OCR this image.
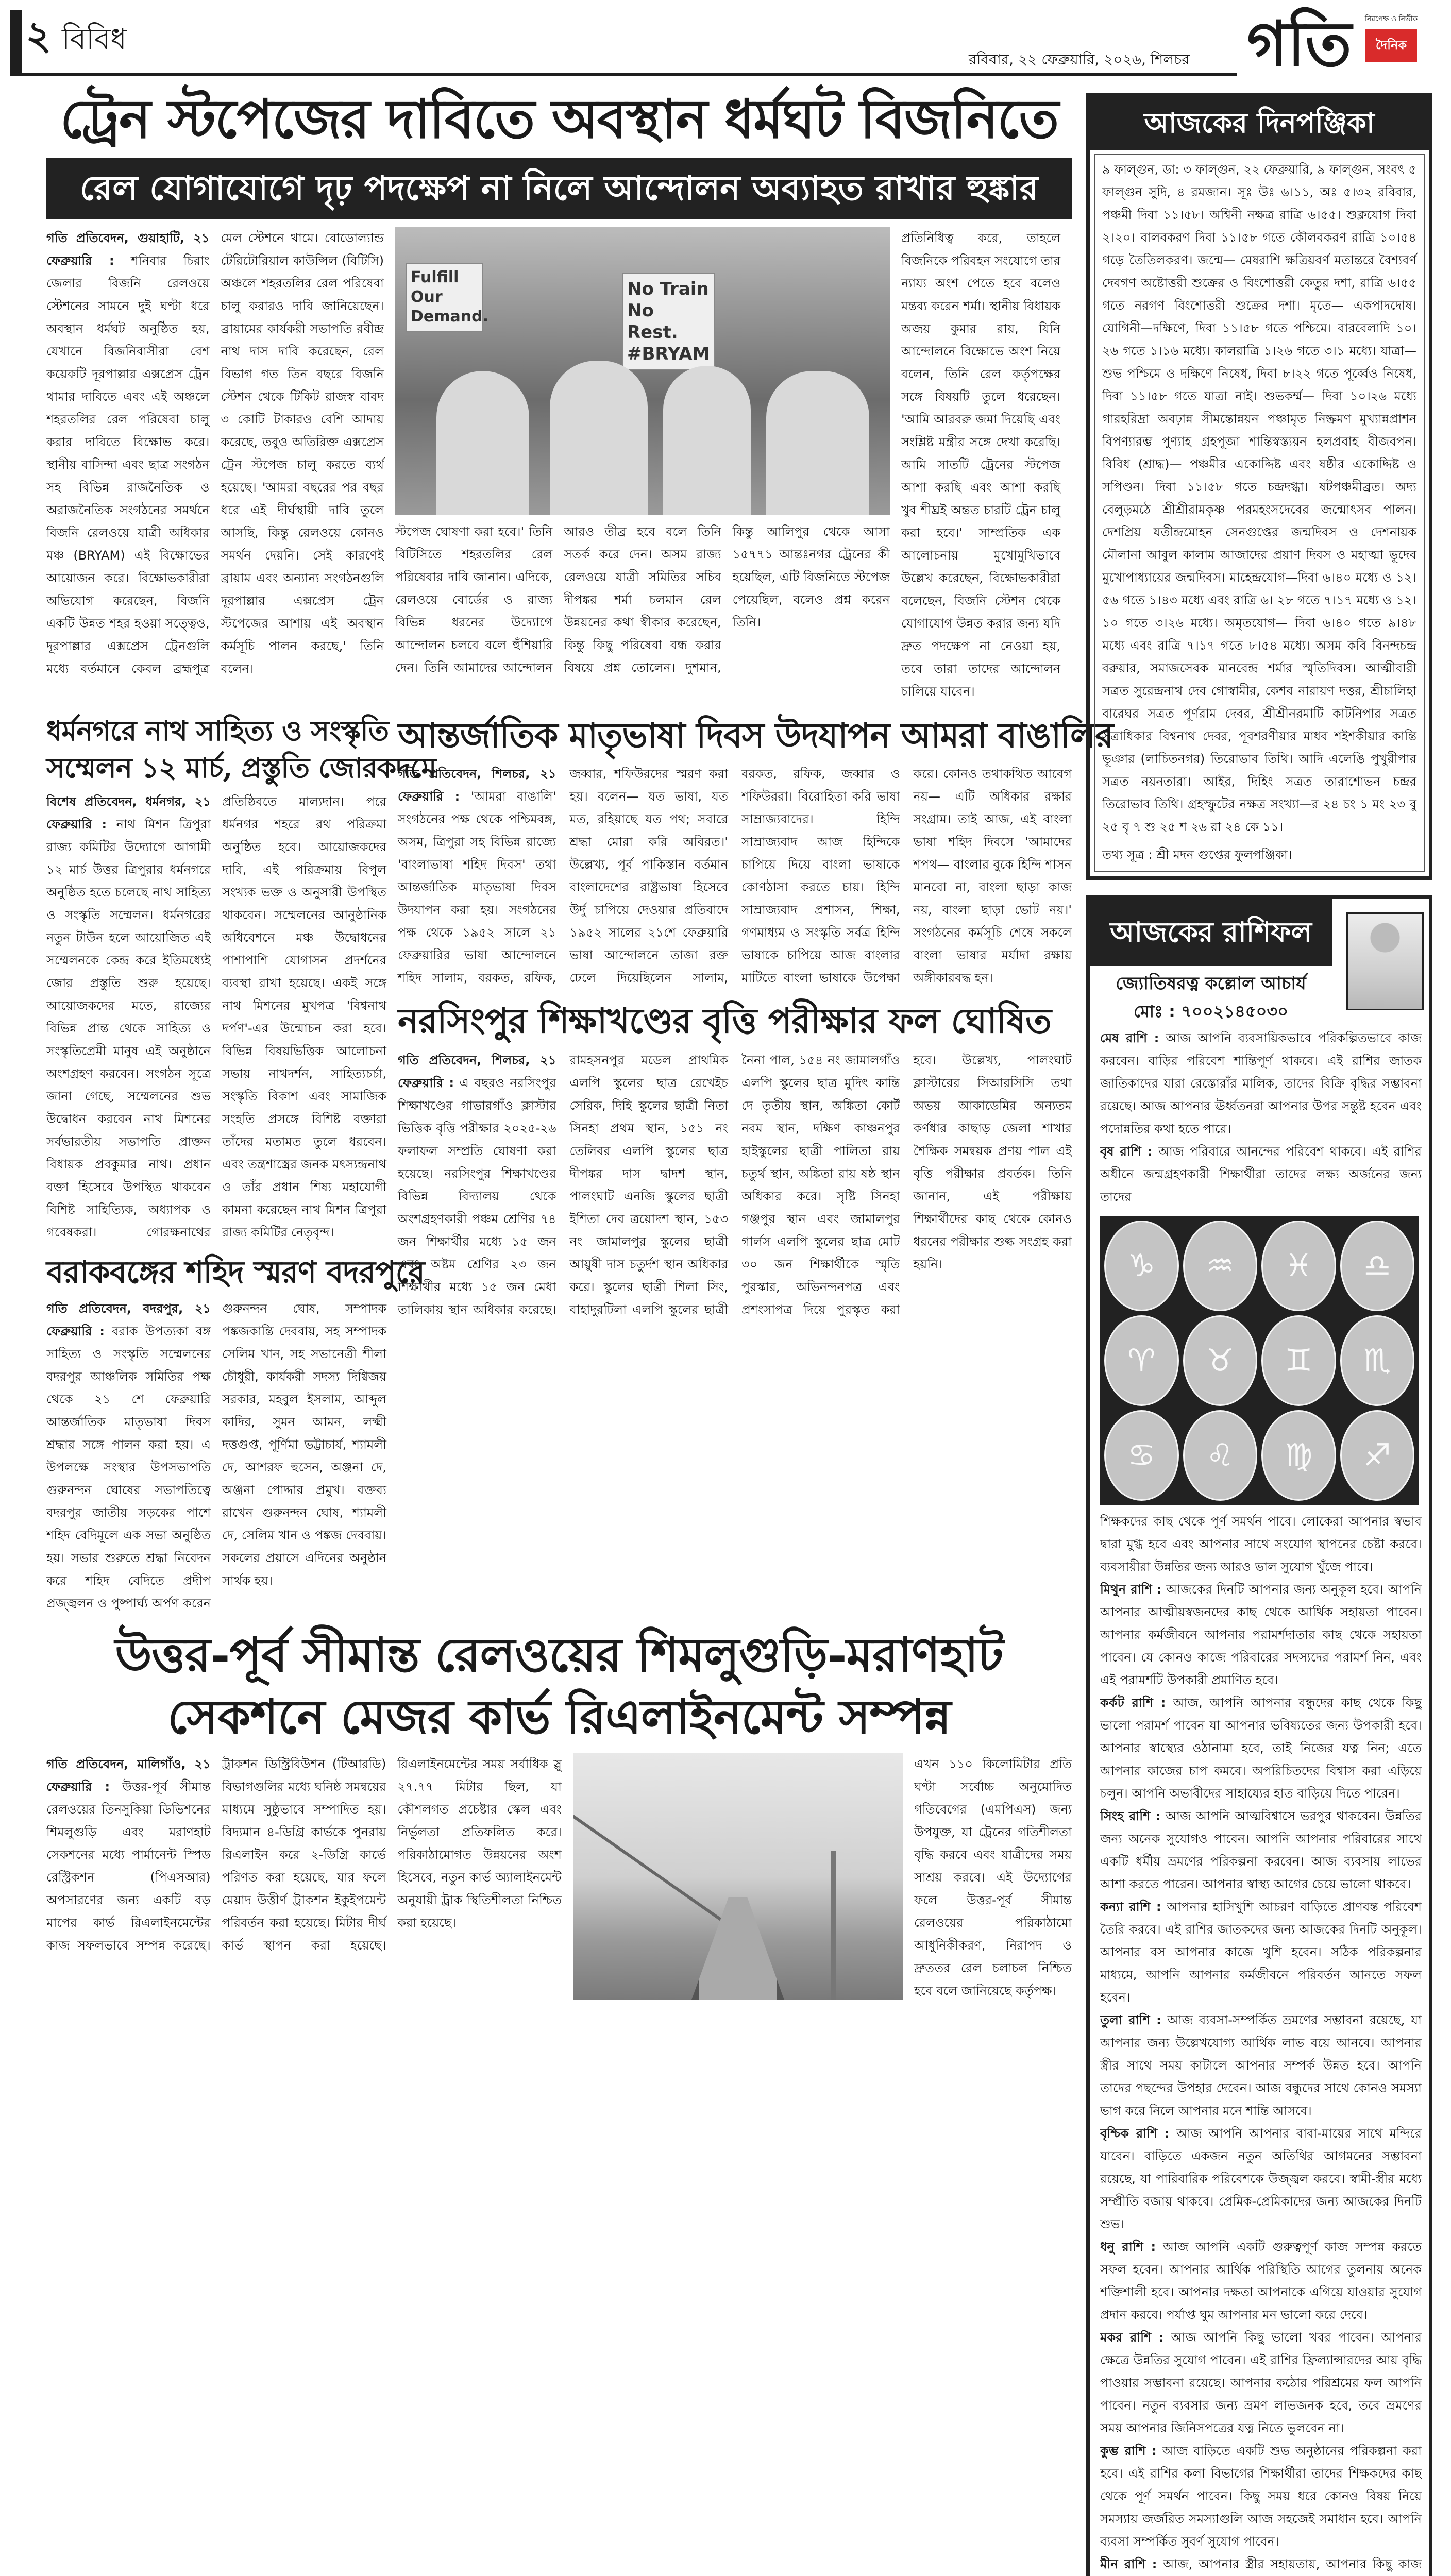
২ বিবিধ
রবিবার, ২২ ফেব্রুয়ারি, ২০২৬, শিলচর গতি	নিরপেক্ষ ও নির্ভীক
দৈনিক
ট্রেন স্টপেজের দাবিতে অবস্থান ধর্মঘট বিজনিতে
রেল যোগাযোগে দৃঢ় পদক্ষেপ না নিলে আন্দোলন অব্যাহত রাখার হুঙ্কার
গতি প্রতিবেদন, গুয়াহাটি, ২১ ফেব্রুয়ারি : শনিবার চিরাং জেলার বিজনি রেলওয়ে স্টেশনের সামনে দুই ঘণ্টা ধরে অবস্থান ধর্মঘট অনুষ্ঠিত হয়, যেখানে বিজনিবাসীরা বেশ কয়েকটি দূরপাল্লার এক্সপ্রেস ট্রেন থামার দাবিতে এবং এই অঞ্চলে শহরতলির রেল পরিষেবা চালু করার দাবিতে বিক্ষোভ করে। স্থানীয় বাসিন্দা এবং ছাত্র সংগঠন সহ বিভিন্ন রাজনৈতিক ও অরাজনৈতিক সংগঠনের সমর্থনে বিজনি রেলওয়ে যাত্রী অধিকার মঞ্চ (BRYAM) এই বিক্ষোভের আয়োজন করে। বিক্ষোভকারীরা অভিযোগ করেছেন, বিজনি একটি উন্নত শহর হওয়া সত্ত্বেও, দূরপাল্লার এক্সপ্রেস ট্রেনগুলি মধ্যে বর্তমানে কেবল ব্রহ্মপুত্র মেল স্টেশনে থামে। বোডোল্যান্ড টেরিটোরিয়াল কাউন্সিল (বিটিসি) অঞ্চলে শহরতলির রেল পরিষেবা চালু করারও দাবি জানিয়েছেন। ব্রায়ামের কার্যকরী সভাপতি রবীন্দ্র নাথ দাস দাবি করেছেন, রেল বিভাগ গত তিন বছরে বিজনি স্টেশন থেকে টিকিট রাজস্ব বাবদ ৩ কোটি টাকারও বেশি আদায় করেছে, তবুও অতিরিক্ত এক্সপ্রেস ট্রেন স্টপেজ চালু করতে ব্যর্থ হয়েছে। 'আমরা বছরের পর বছর ধরে এই দীর্ঘস্থায়ী দাবি তুলে আসছি, কিন্তু রেলওয়ে কোনও সমর্থন দেয়নি। সেই কারণেই ব্রায়াম এবং অন্যান্য সংগঠনগুলি দূরপাল্লার এক্সপ্রেস ট্রেন স্টপেজের আশায় এই অবস্থান কর্মসূচি পালন করছে,' তিনি বলেন।
Fulfill Our Demand.
No Train No Rest. #BRYAM
স্টপেজ ঘোষণা করা হবে।' তিনি বিটিসিতে শহরতলির রেল পরিষেবার দাবি জানান। এদিকে, রেলওয়ে বোর্ডের ও রাজ্য বিভিন্ন ধরনের উদ্যোগে আন্দোলন চলবে বলে হুঁশিয়ারি দেন। তিনি আমাদের আন্দোলন আরও তীব্র হবে বলে তিনি সতর্ক করে দেন। অসম রাজ্য রেলওয়ে যাত্রী সমিতির সচিব দীপঙ্কর শর্মা চলমান রেল উন্নয়নের কথা স্বীকার করেছেন, কিন্তু কিছু পরিষেবা বন্ধ করার বিষয়ে প্রশ্ন তোলেন। দুশমান, কিন্তু আলিপুর থেকে আসা ১৫৭৭১ আন্তঃনগর ট্রেনের কী হয়েছিল, এটি বিজনিতে স্টপেজ পেয়েছিল, বলেও প্রশ্ন করেন তিনি।
প্রতিনিধিত্ব করে, তাহলে বিজনিকে পরিবহন সংযোগে তার ন্যায্য অংশ পেতে হবে বলেও মন্তব্য করেন শর্মা। স্থানীয় বিধায়ক অজয় কুমার রায়, যিনি আন্দোলনে বিক্ষোভে অংশ নিয়ে বলেন, তিনি রেল কর্তৃপক্ষের সঙ্গে বিষয়টি তুলে ধরেছেন। 'আমি আরবরু জমা দিয়েছি এবং সংশ্লিষ্ট মন্ত্রীর সঙ্গে দেখা করেছি। আমি সাতটি ট্রেনের স্টপেজ আশা করছি এবং আশা করছি খুব শীঘ্রই অন্তত চারটি ট্রেন চালু করা হবে।' সাম্প্রতিক এক আলোচনায় মুখোমুখিভাবে উল্লেখ করেছেন, বিক্ষোভকারীরা বলেছেন, বিজনি স্টেশন থেকে যোগাযোগ উন্নত করার জন্য যদি দ্রুত পদক্ষেপ না নেওয়া হয়, তবে তারা তাদের আন্দোলন চালিয়ে যাবেন।
ধর্মনগরে নাথ সাহিত্য ও সংস্কৃতি
সম্মেলন ১২ মার্চ, প্রস্তুতি জোরকদমে
বিশেষ প্রতিবেদন, ধর্মনগর, ২১ ফেব্রুয়ারি : নাথ মিশন ত্রিপুরা রাজ্য কমিটির উদ্যোগে আগামী ১২ মার্চ উত্তর ত্রিপুরার ধর্মনগরে অনুষ্ঠিত হতে চলেছে নাথ সাহিত্য ও সংস্কৃতি সম্মেলন। ধর্মনগরের নতুন টাউন হলে আয়োজিত এই সম্মেলনকে কেন্দ্র করে ইতিমধ্যেই জোর প্রস্তুতি শুরু হয়েছে। আয়োজকদের মতে, রাজ্যের বিভিন্ন প্রান্ত থেকে সাহিত্য ও সংস্কৃতিপ্রেমী মানুষ এই অনুষ্ঠানে অংশগ্রহণ করবেন। সংগঠন সূত্রে জানা গেছে, সম্মেলনের শুভ উদ্বোধন করবেন নাথ মিশনের সর্বভারতীয় সভাপতি প্রাক্তন বিধায়ক প্রবকুমার নাথ। প্রধান বক্তা হিসেবে উপস্থিত থাকবেন বিশিষ্ট সাহিত্যিক, অধ্যাপক ও গবেষকরা।	গোরক্ষনাথের প্রতিষ্ঠিবতে মাল্যদান। পরে ধর্মনগর শহরে রথ পরিক্রমা অনুষ্ঠিত হবে। আয়োজকদের দাবি, এই পরিক্রমায় বিপুল সংখ্যক ভক্ত ও অনুসারী উপস্থিত থাকবেন। সম্মেলনের আনুষ্ঠানিক অধিবেশনে মঞ্চ উদ্বোধনের পাশাপাশি যোগাসন প্রদর্শনের ব্যবস্থা রাখা হয়েছে। একই সঙ্গে নাথ মিশনের মুখপত্র 'বিশ্বনাথ দর্পণ'-এর উন্মোচন করা হবে। বিভিন্ন বিষয়ভিত্তিক আলোচনা সভায় নাথদর্শন, সাহিত্যচর্চা, সংস্কৃতি বিকাশ এবং সামাজিক সংহতি প্রসঙ্গে বিশিষ্ট বক্তারা তাঁদের মতামত তুলে ধরবেন। এবং তন্ত্রশাস্ত্রের জনক মৎস্যন্দ্রনাথ ও তাঁর প্রধান শিষ্য মহাযোগী কামনা করেছেন নাথ মিশন ত্রিপুরা রাজ্য কমিটির নেতৃবৃন্দ।
বরাকবঙ্গের শহিদ স্মরণ বদরপুরে
গতি প্রতিবেদন, বদরপুর, ২১ ফেব্রুয়ারি : বরাক উপত্যকা বঙ্গ সাহিত্য ও সংস্কৃতি সম্মেলনের বদরপুর আঞ্চলিক সমিতির পক্ষ থেকে ২১ শে ফেব্রুয়ারি আন্তর্জাতিক মাতৃভাষা দিবস শ্রদ্ধার সঙ্গে পালন করা হয়। এ উপলক্ষে সংস্থার উপসভাপতি গুরুনন্দন ঘোষের সভাপতিত্বে বদরপুর জাতীয় সড়কের পাশে শহিদ বেদিমূলে এক সভা অনুষ্ঠিত হয়। সভার শুরুতে শ্রদ্ধা নিবেদন করে শহিদ বেদিতে প্রদীপ প্রজ্জ্বলন ও পুষ্পার্ঘ্য অর্পণ করেন গুরুনন্দন ঘোষ, সম্পাদক পঙ্কজকান্তি দেববায়, সহ সম্পাদক সেলিম খান, সহ সভানেত্রী শীলা চৌধুরী, কার্যকরী সদস্য দিগ্বিজয় সরকার, মহবুল ইসলাম, আব্দুল কাদির, সুমন আমন, লক্ষ্মী দত্তগুপ্ত, পূর্ণিমা ভট্টাচার্য, শ্যামলী দে, আশরফ হুসেন, অঞ্জনা দে, অঞ্জনা পোদ্দার প্রমুখ। বক্তব্য রাখেন গুরুনন্দন ঘোষ, শ্যামলী দে, সেলিম খান ও পঙ্কজ দেববায়। সকলের প্রয়াসে এদিনের অনুষ্ঠান সার্থক হয়।
আন্তর্জাতিক মাতৃভাষা দিবস উদযাপন আমরা বাঙালির
গতি প্রতিবেদন, শিলচর, ২১ ফেব্রুয়ারি : 'আমরা বাঙালি' সংগঠনের পক্ষ থেকে পশ্চিমবঙ্গ, অসম, ত্রিপুরা সহ বিভিন্ন রাজ্যে 'বাংলাভাষা শহিদ দিবস' তথা আন্তর্জাতিক মাতৃভাষা দিবস উদযাপন করা হয়। সংগঠনের পক্ষ থেকে ১৯৫২ সালে ২১ ফেব্রুয়ারির ভাষা আন্দোলনে শহিদ সালাম, বরকত, রফিক, জব্বার, শফিউরদের স্মরণ করা হয়। বলেন— যত ভাষা, যত মত, রহিয়াছে যত পথ; সবারে শ্রদ্ধা মোরা করি অবিরত।' উল্লেখ্য, পূর্ব পাকিস্তান বর্তমান বাংলাদেশের রাষ্ট্রভাষা হিসেবে উর্দু চাপিয়ে দেওয়ার প্রতিবাদে ১৯৫২ সালের ২১শে ফেব্রুয়ারি ভাষা আন্দোলনে তাজা রক্ত ঢেলে দিয়েছিলেন সালাম, বরকত, রফিক, জব্বার ও শফিউররা। বিরোহিতা করি ভাষা সাম্রাজ্যবাদের। হিন্দি সাম্রাজ্যবাদ আজ হিন্দিকে চাপিয়ে দিয়ে বাংলা ভাষাকে কোণঠাসা করতে চায়। হিন্দি সাম্রাজ্যবাদ প্রশাসন, শিক্ষা, গণমাধ্যম ও সংস্কৃতি সর্বত্র হিন্দি ভাষাকে চাপিয়ে আজ বাংলার মাটিতে বাংলা ভাষাকে উপেক্ষা করে। কোনও তথাকথিত আবেগ নয়— এটি অধিকার রক্ষার সংগ্রাম। তাই আজ, এই বাংলা ভাষা শহিদ দিবসে 'আমাদের শপথ— বাংলার বুকে হিন্দি শাসন মানবো না, বাংলা ছাড়া কাজ নয়, বাংলা ছাড়া ভোট নয়।' সংগঠনের কর্মসূচি শেষে সকলে বাংলা ভাষার মর্যাদা রক্ষায় অঙ্গীকারবদ্ধ হন।
নরসিংপুর শিক্ষাখণ্ডের বৃত্তি পরীক্ষার ফল ঘোষিত
গতি প্রতিবেদন, শিলচর, ২১ ফেব্রুয়ারি : এ বছরও নরসিংপুর শিক্ষাখণ্ডের গাভারগাঁও ক্লাস্টার ভিত্তিক বৃত্তি পরীক্ষার ২০২৫-২৬ ফলাফল সম্প্রতি ঘোষণা করা হয়েছে। নরসিংপুর শিক্ষাখণ্ডের বিভিন্ন বিদ্যালয় থেকে অংশগ্রহণকারী পঞ্চম শ্রেণির ৭৪ জন শিক্ষার্থীর মধ্যে ১৫ জন এবং অষ্টম শ্রেণির ২৩ জন শিক্ষার্থীর মধ্যে ১৫ জন মেধা তালিকায় স্থান অধিকার করেছে। রামহসনপুর মডেল প্রাথমিক এলপি স্কুলের ছাত্র রেখেইচ সেরিক, দিহি স্কুলের ছাত্রী নিতা সিনহা প্রথম স্থান, ১৫১ নং তেলিবর এলপি স্কুলের ছাত্র দীপঙ্কর দাস দ্বাদশ স্থান, পালংঘাট এনজি স্কুলের ছাত্রী ইশিতা দেব ত্রয়োদশ স্থান, ১৫৩ নং জামালপুর স্কুলের ছাত্রী আয়ুষী দাস চতুর্দশ স্থান অধিকার করে। স্কুলের ছাত্রী শিলা সিং, বাহাদুরটিলা এলপি স্কুলের ছাত্রী নৈনা পাল, ১৫৪ নং জামালগাঁও এলপি স্কুলের ছাত্র মুদিৎ কান্তি দে তৃতীয় স্থান, অঙ্কিতা কোর্ট নবম স্থান, দক্ষিণ কাঞ্চনপুর হাইস্কুলের ছাত্রী পালিতা রায় চতুর্থ স্থান, অঙ্কিতা রায় ষষ্ঠ স্থান অধিকার করে। সৃষ্টি সিনহা গঞ্জপুর স্থান এবং জামালপুর গার্লস এলপি স্কুলের ছাত্র মোট ৩০ জন শিক্ষার্থীকে স্মৃতি পুরস্কার, অভিনন্দনপত্র এবং প্রশংসাপত্র দিয়ে পুরস্কৃত করা হবে। উল্লেখ্য, পালংঘাট ক্লাস্টারের সিআরসিসি তথা অভয় আকাডেমির অন্যতম কর্ণধার কাছাড় জেলা শাখার শৈক্ষিক সমন্বয়ক প্রণয় পাল এই বৃত্তি পরীক্ষার প্রবর্তক। তিনি জানান, এই পরীক্ষায় শিক্ষার্থীদের কাছ থেকে কোনও ধরনের পরীক্ষার শুল্ক সংগ্রহ করা হয়নি।
উত্তর-পূর্ব সীমান্ত রেলওয়ের শিমলুগুড়ি-মরাণহাট
সেকশনে মেজর কার্ভ রিএলাইনমেন্ট সম্পন্ন
গতি প্রতিবেদন, মালিগাঁও, ২১ ফেব্রুয়ারি : উত্তর-পূর্ব সীমান্ত রেলওয়ের তিনসুকিয়া ডিভিশনের শিমলুগুড়ি এবং মরাণহাট সেকশনের মধ্যে পার্মানেন্ট স্পিড রেস্ট্রিকশন (পিএসআর) অপসারণের জন্য একটি বড় মাপের কার্ভ রিএলাইনমেন্টের কাজ সফলভাবে সম্পন্ন করেছে। ট্রাকশন ডিস্ট্রিবিউশন (টিআরডি) বিভাগগুলির মধ্যে ঘনিষ্ঠ সমন্বয়ের মাধ্যমে সুষ্ঠুভাবে সম্পাদিত হয়। বিদ্যমান ৪-ডিগ্রি কার্ভকে পুনরায় রিএলাইন করে ২-ডিগ্রি কার্ভে পরিণত করা হয়েছে, যার ফলে মেয়াদ উত্তীর্ণ ট্রাকশন ইকুইপমেন্ট পরিবর্তন করা হয়েছে। মিটার দীর্ঘ কার্ভ স্থাপন করা হয়েছে। রিএলাইনমেন্টের সময় সর্বাধিক স্লু ২৭.৭৭ মিটার ছিল, যা কৌশলগত প্রচেষ্টার স্কেল এবং নির্ভুলতা প্রতিফলিত করে। পরিকাঠামোগত উন্নয়নের অংশ হিসেবে, নতুন কার্ভ অ্যালাইনমেন্ট অনুযায়ী ট্রাক স্থিতিশীলতা নিশ্চিত করা হয়েছে।
এখন ১১০ কিলোমিটার প্রতি ঘণ্টা সর্বোচ্চ অনুমোদিত গতিবেগের (এমপিএস) জন্য উপযুক্ত, যা ট্রেনের গতিশীলতা বৃদ্ধি করবে এবং যাত্রীদের সময় সাশ্রয় করবে। এই উদ্যোগের ফলে উত্তর-পূর্ব সীমান্ত রেলওয়ের পরিকাঠামো আধুনিকীকরণ, নিরাপদ ও দ্রুততর রেল চলাচল নিশ্চিত হবে বলে জানিয়েছে কর্তৃপক্ষ।
আজকের দিনপঞ্জিকা
৯ ফাল্গুন, ডা: ৩ ফাল্গুন, ২২ ফেব্রুয়ারি, ৯ ফাল্গুন, সংবৎ ৫ ফাল্গুন সুদি, ৪ রমজান। সূঃ উঃ ৬।১১, অঃ ৫।৩২ রবিবার, পঞ্চমী দিবা ১১।৫৮। অশ্বিনী নক্ষত্র রাত্রি ৬।৫৫। শুক্লযোগ দিবা ২।২০। বালবকরণ দিবা ১১।৫৮ গতে কৌলবকরণ রাত্রি ১০।৫৪ গড়ে তৈতিলকরণ। জন্মে— মেষরাশি ক্ষত্রিয়বর্ণ মতান্তরে বৈশ্যবর্ণ দেবগণ অষ্টোত্তরী শুক্রের ও বিংশোত্তরী কেতুর দশা, রাত্রি ৬।৫৫ গতে নরগণ বিংশোত্তরী শুক্রের দশা। মৃতে— একপাদদোষ। যোগিনী—দক্ষিণে, দিবা ১১।৫৮ গতে পশ্চিমে। বারবেলাদি ১০।২৬ গতে ১।১৬ মধ্যে। কালরাত্রি ১।২৬ গতে ৩।১ মধ্যে। যাত্রা— শুভ পশ্চিমে ও দক্ষিণে নিষেধ, দিবা ৮।২২ গতে পূর্ব্বেও নিষেধ, দিবা ১১।৫৮ গতে যাত্রা নাই। শুভকর্ম্ম— দিবা ১০।২৬ মধ্যে গারহরিদ্রা অবঢ়ান্ন সীমন্তোন্নয়ন পঞ্চামৃত নিষ্ক্রমণ মুখ্যান্নপ্রাশন বিপণ্যারম্ভ পুণ্যাহ গ্রহপূজা শান্তিস্বস্ত্যয়ন হলপ্রবাহ বীজবপন। বিবিধ (শ্রাদ্ধ)— পঞ্চমীর একোদ্দিষ্ট এবং ষষ্ঠীর একোদ্দিষ্ট ও সপিণ্ডন। দিবা ১১।৫৮ গতে চন্দ্রদগ্ধা। ষটপঞ্চমীব্রত। অদ্য বেলুড়মঠে শ্রীশ্রীরামকৃষ্ণ পরমহংসদেবের জন্মোৎসব পালন। দেশপ্রিয় যতীন্দ্রমোহন সেনগুপ্তের জন্মদিবস ও দেশনায়ক মৌলানা আবুল কালাম আজাদের প্রয়াণ দিবস ও মহাত্মা ভূদেব মুখোপাধ্যায়ের জন্মদিবস। মাহেন্দ্রযোগ—দিবা ৬।৪০ মধ্যে ও ১২।৫৬ গতে ১।৪৩ মধ্যে এবং রাত্রি ৬। ২৮ গতে ৭।১৭ মধ্যে ও ১২।১০ গতে ৩।২৬ মধ্যে। অমৃতযোগ— দিবা ৬।৪০ গতে ৯।৪৮ মধ্যে এবং রাত্রি ৭।১৭ গতে ৮।৫৪ মধ্যে। অসম কবি বিনন্দচন্দ্র বরুয়ার, সমাজসেবক মানবেন্দ্র শর্মার স্মৃতিদিবস। আত্মীবারী সত্রত সুরেন্দ্রনাথ দেব গোস্বামীর, কেশব নারায়ণ দত্তর, শ্রীচালিহা বারেঘর সত্রত পূর্ণরাম দেবর, শ্রীশ্রীনরমাটি কাটনিপার সত্রত সত্রাধিকার বিশ্বনাথ দেবর, পূবশরণীয়ার মাধব শইশকীয়ার কান্তি ভূঞার (লাচিতনগর) তিরোভাব তিথি। আদি এলেঙি পুখুরীপার সত্রত নয়নতারা। আইর, দিহিং সত্রত তারাশোভন চন্দ্রর তিরোভাব তিথি। গ্রহস্ফুটের নক্ষত্র সংখ্যা—র ২৪ চং ১ মং ২৩ বু ২৫ বৃ ৭ শু ২৫ শ ২৬ রা ২৪ কে ১১।
তথ্য সূত্র : শ্রী মদন গুপ্তের ফুলপঞ্জিকা।
আজকের রাশিফল
জ্যোতিষরত্ন কল্লোল আচার্য
মোঃ : ৭০০২১৪৫০৩০
মেষ রাশি : আজ আপনি ব্যবসায়িকভাবে পরিকল্পিতভাবে কাজ করবেন। বাড়ির পরিবেশ শান্তিপূর্ণ থাকবে। এই রাশির জাতক জাতিকাদের যারা রেস্তোরাঁর মালিক, তাদের বিক্রি বৃদ্ধির সম্ভাবনা রয়েছে। আজ আপনার ঊর্ধ্বতনরা আপনার উপর সন্তুষ্ট হবেন এবং পদোন্নতির কথা হতে পারে।
বৃষ রাশি : আজ পরিবারে আনন্দের পরিবেশ থাকবে। এই রাশির অধীনে জন্মগ্রহণকারী শিক্ষার্থীরা তাদের লক্ষ্য অর্জনের জন্য তাদের
♑	♒	♓	♎
♈	♉	♊	♏
♋	♌	♍	♐
শিক্ষকদের কাছ থেকে পূর্ণ সমর্থন পাবে। লোকেরা আপনার স্বভাব দ্বারা মুগ্ধ হবে এবং আপনার সাথে সংযোগ স্থাপনের চেষ্টা করবে। ব্যবসায়ীরা উন্নতির জন্য আরও ভাল সুযোগ খুঁজে পাবে।
মিথুন রাশি : আজকের দিনটি আপনার জন্য অনুকূল হবে। আপনি আপনার আত্মীয়স্বজনদের কাছ থেকে আর্থিক সহায়তা পাবেন। আপনার কর্মজীবনে আপনার পরামর্শদাতার কাছ থেকে সহায়তা পাবেন। যে কোনও কাজে পরিবারের সদস্যদের পরামর্শ নিন, এবং এই পরামর্শটি উপকারী প্রমাণিত হবে।
কর্কট রাশি : আজ, আপনি আপনার বন্ধুদের কাছ থেকে কিছু ভালো পরামর্শ পাবেন যা আপনার ভবিষ্যতের জন্য উপকারী হবে। আপনার স্বাস্থ্যের ওঠানামা হবে, তাই নিজের যত্ন নিন; এতে আপনার কাজের চাপ কমবে। অপরিচিতদের বিশ্বাস করা এড়িয়ে চলুন। আপনি অভাবীদের সাহায্যের হাত বাড়িয়ে দিতে পারেন।
সিংহ রাশি : আজ আপনি আত্মবিশ্বাসে ভরপুর থাকবেন। উন্নতির জন্য অনেক সুযোগও পাবেন। আপনি আপনার পরিবারের সাথে একটি ধর্মীয় ভ্রমণের পরিকল্পনা করবেন। আজ ব্যবসায় লাভের আশা করতে পারেন। আপনার স্বাস্থ্য আগের চেয়ে ভালো থাকবে।
কন্যা রাশি : আপনার হাসিখুশি আচরণ বাড়িতে প্রাণবন্ত পরিবেশ তৈরি করবে। এই রাশির জাতকদের জন্য আজকের দিনটি অনুকূল। আপনার বস আপনার কাজে খুশি হবেন। সঠিক পরিকল্পনার মাধ্যমে, আপনি আপনার কর্মজীবনে পরিবর্তন আনতে সফল হবেন।
তুলা রাশি : আজ ব্যবসা-সম্পর্কিত ভ্রমণের সম্ভাবনা রয়েছে, যা আপনার জন্য উল্লেখযোগ্য আর্থিক লাভ বয়ে আনবে। আপনার স্ত্রীর সাথে সময় কাটালে আপনার সম্পর্ক উন্নত হবে। আপনি তাদের পছন্দের উপহার দেবেন। আজ বন্ধুদের সাথে কোনও সমস্যা ভাগ করে নিলে আপনার মনে শান্তি আসবে।
বৃশ্চিক রাশি : আজ আপনি আপনার বাবা-মায়ের সাথে মন্দিরে যাবেন। বাড়িতে একজন নতুন অতিথির আগমনের সম্ভাবনা রয়েছে, যা পারিবারিক পরিবেশকে উজ্জ্বল করবে। স্বামী-স্ত্রীর মধ্যে সম্প্রীতি বজায় থাকবে। প্রেমিক-প্রেমিকাদের জন্য আজকের দিনটি শুভ।
ধনু রাশি : আজ আপনি একটি গুরুত্বপূর্ণ কাজ সম্পন্ন করতে সফল হবেন। আপনার আর্থিক পরিস্থিতি আগের তুলনায় অনেক শক্তিশালী হবে। আপনার দক্ষতা আপনাকে এগিয়ে যাওয়ার সুযোগ প্রদান করবে। পর্যাপ্ত ঘুম আপনার মন ভালো করে দেবে।
মকর রাশি : আজ আপনি কিছু ভালো খবর পাবেন। আপনার ক্ষেত্রে উন্নতির সুযোগ পাবেন। এই রাশির ফ্রিল্যান্সারদের আয় বৃদ্ধি পাওয়ার সম্ভাবনা রয়েছে। আপনার কঠোর পরিশ্রমের ফল আপনি পাবেন। নতুন ব্যবসার জন্য ভ্রমণ লাভজনক হবে, তবে ভ্রমণের সময় আপনার জিনিসপত্রের যত্ন নিতে ভুলবেন না।
কুম্ভ রাশি : আজ বাড়িতে একটি শুভ অনুষ্ঠানের পরিকল্পনা করা হবে। এই রাশির কলা বিভাগের শিক্ষার্থীরা তাদের শিক্ষকদের কাছ থেকে পূর্ণ সমর্থন পাবেন। কিছু সময় ধরে কোনও বিষয় নিয়ে সমস্যায় জর্জরিত সমস্যাগুলি আজ সহজেই সমাধান হবে। আপনি ব্যবসা সম্পর্কিত সুবর্ণ সুযোগ পাবেন।
মীন রাশি : আজ, আপনার স্ত্রীর সহায়তায়, আপনার কিছু কাজ
